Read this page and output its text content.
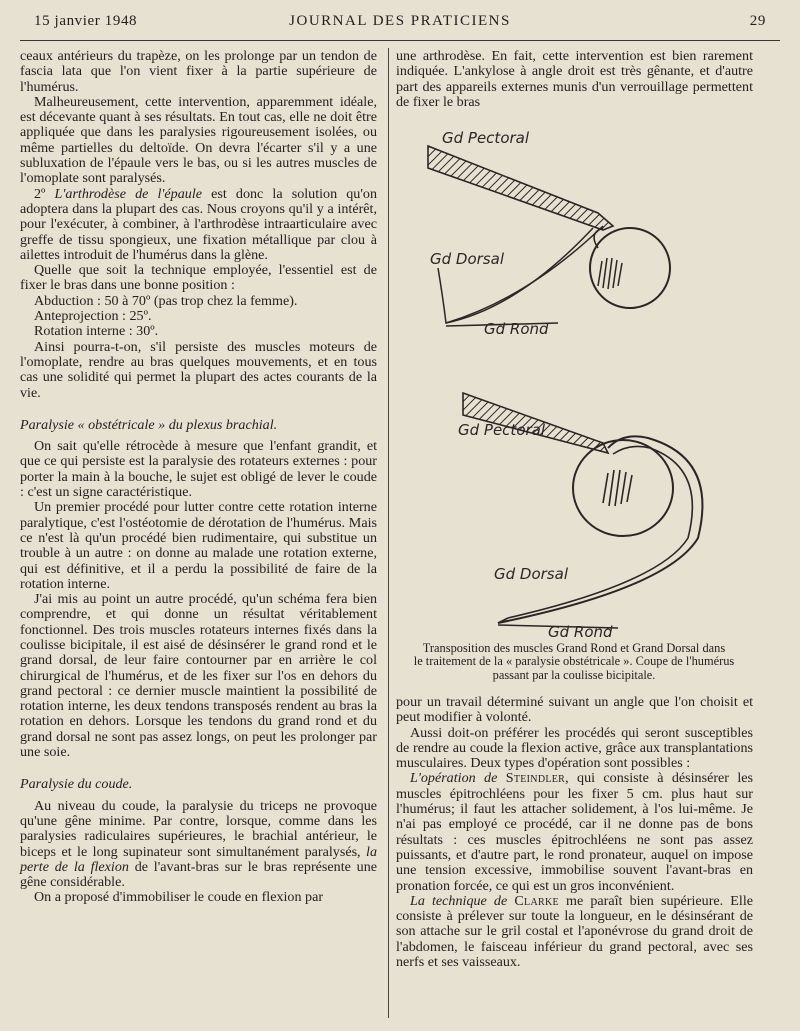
15 janvier 1948	JOURNAL DES PRATICIENS	29

ceaux antérieurs du trapèze, on les prolonge par un tendon de fascia lata que l'on vient fixer à la partie supérieure de l'humérus.

Malheureusement, cette intervention, apparemment idéale, est décevante quant à ses résultats. En tout cas, elle ne doit être appliquée que dans les paralysies rigoureusement isolées, ou même partielles du deltoïde. On devra l'écarter s'il y a une subluxation de l'épaule vers le bas, ou si les autres muscles de l'omoplate sont paralysés.

2º L'arthrodèse de l'épaule est donc la solution qu'on adoptera dans la plupart des cas. Nous croyons qu'il y a intérêt, pour l'exécuter, à combiner, à l'arthrodèse intraarticulaire avec greffe de tissu spongieux, une fixation métallique par clou à ailettes introduit de l'humérus dans la glène.

Quelle que soit la technique employée, l'essentiel est de fixer le bras dans une bonne position :

Abduction : 50 à 70º (pas trop chez la femme).

Anteprojection : 25º.

Rotation interne : 30º.

Ainsi pourra-t-on, s'il persiste des muscles moteurs de l'omoplate, rendre au bras quelques mouvements, et en tous cas une solidité qui permet la plupart des actes courants de la vie.

Paralysie « obstétricale » du plexus brachial.

On sait qu'elle rétrocède à mesure que l'enfant grandit, et que ce qui persiste est la paralysie des rotateurs externes : pour porter la main à la bouche, le sujet est obligé de lever le coude : c'est un signe caractéristique.

Un premier procédé pour lutter contre cette rotation interne paralytique, c'est l'ostéotomie de dérotation de l'humérus. Mais ce n'est là qu'un procédé bien rudimentaire, qui substitue un trouble à un autre : on donne au malade une rotation externe, qui est définitive, et il a perdu la possibilité de faire de la rotation interne.

J'ai mis au point un autre procédé, qu'un schéma fera bien comprendre, et qui donne un résultat véritablement fonctionnel. Des trois muscles rotateurs internes fixés dans la coulisse bicipitale, il est aisé de désinsérer le grand rond et le grand dorsal, de leur faire contourner par en arrière le col chirurgical de l'humérus, et de les fixer sur l'os en dehors du grand pectoral : ce dernier muscle maintient la possibilité de rotation interne, les deux tendons transposés rendent au bras la rotation en dehors. Lorsque les tendons du grand rond et du grand dorsal ne sont pas assez longs, on peut les prolonger par une soie.

Paralysie du coude.

Au niveau du coude, la paralysie du triceps ne provoque qu'une gêne minime. Par contre, lorsque, comme dans les paralysies radiculaires supérieures, le brachial antérieur, le biceps et le long supinateur sont simultanément paralysés, la perte de la flexion de l'avant-bras sur le bras représente une gêne considérable.

On a proposé d'immobiliser le coude en flexion par

une arthrodèse. En fait, cette intervention est bien rarement indiquée. L'ankylose à angle droit est très gênante, et d'autre part des appareils externes munis d'un verrouillage permettent de fixer le bras

Gd Pectoral
Gd Dorsal
Gd Rond
Gd Pectoral
Gd Dorsal
Gd Rond
Transposition des muscles Grand Rond et Grand Dorsal dans
le traitement de la « paralysie obstétricale ». Coupe de l'humérus
passant par la coulisse bicipitale.

pour un travail déterminé suivant un angle que l'on choisit et peut modifier à volonté.

Aussi doit-on préférer les procédés qui seront susceptibles de rendre au coude la flexion active, grâce aux transplantations musculaires. Deux types d'opération sont possibles :

L'opération de Steindler, qui consiste à désinsérer les muscles épitrochléens pour les fixer 5 cm. plus haut sur l'humérus; il faut les attacher solidement, à l'os lui-même. Je n'ai pas employé ce procédé, car il ne donne pas de bons résultats : ces muscles épitrochléens ne sont pas assez puissants, et d'autre part, le rond pronateur, auquel on impose une tension excessive, immobilise souvent l'avant-bras en pronation forcée, ce qui est un gros inconvénient.

La technique de Clarke me paraît bien supérieure. Elle consiste à prélever sur toute la longueur, en le désinsérant de son attache sur le gril costal et l'aponévrose du grand droit de l'abdomen, le faisceau inférieur du grand pectoral, avec ses nerfs et ses vaisseaux.
